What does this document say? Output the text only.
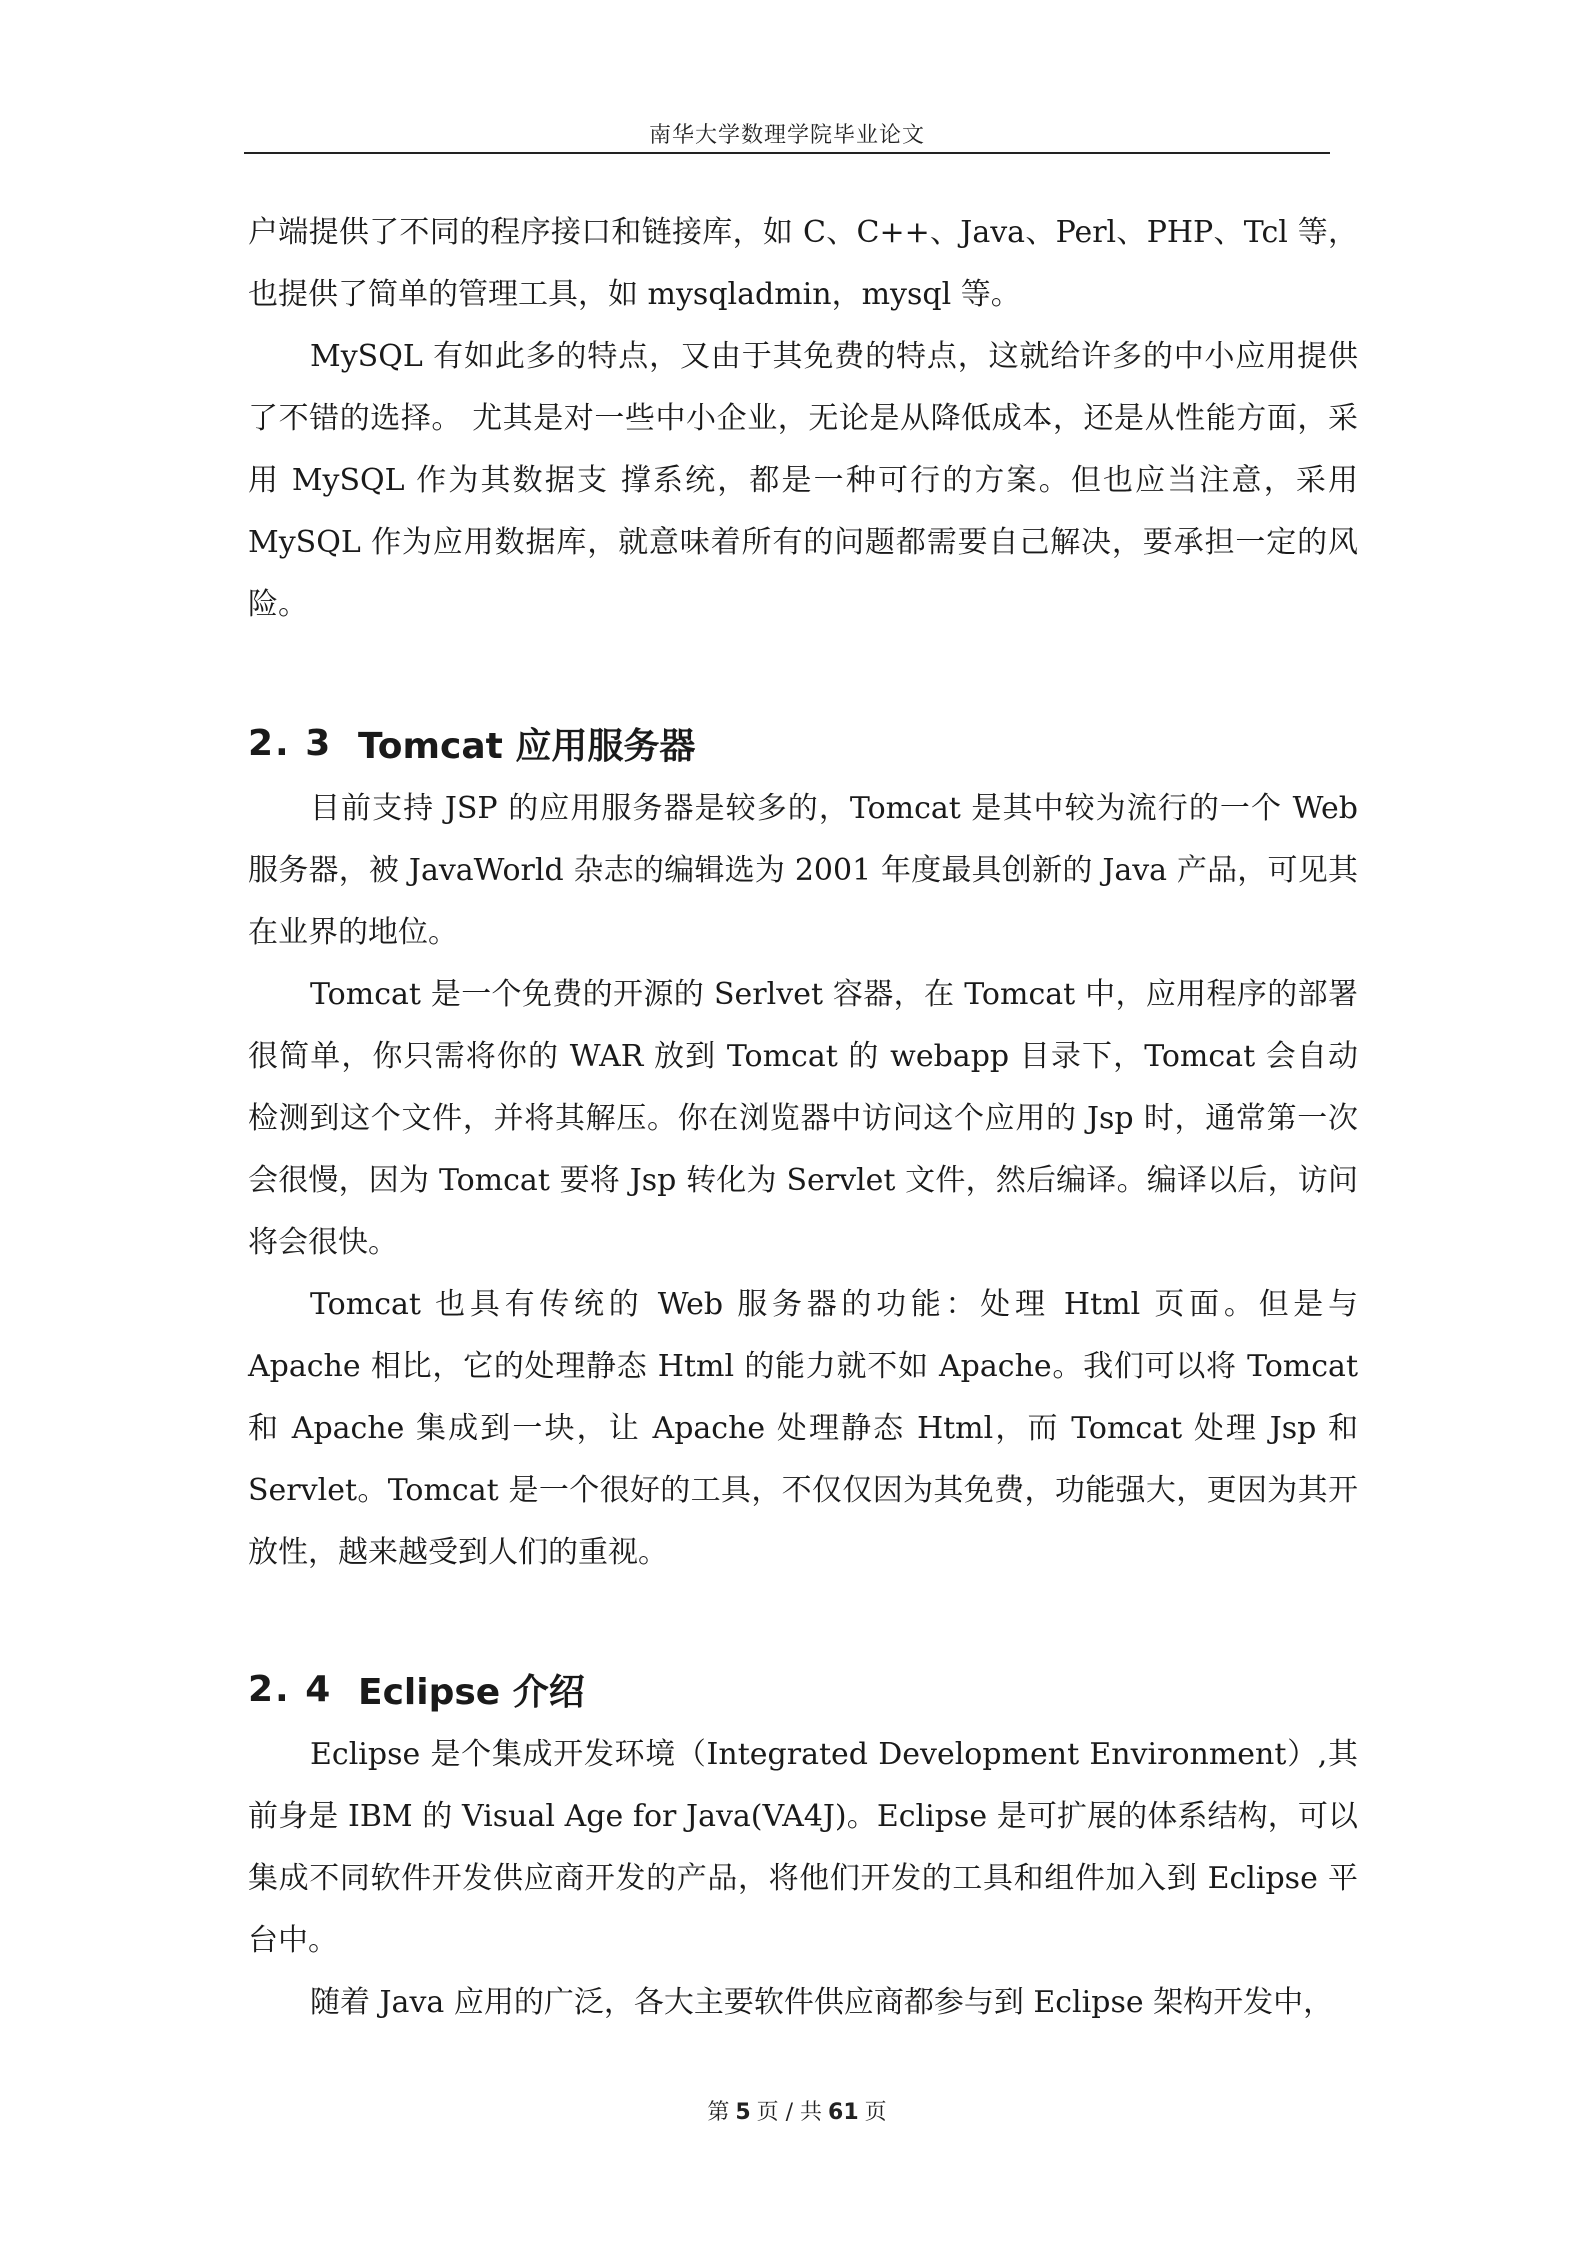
南华大学数理学院毕业论文

户端提供了不同的程序接口和链接库，如 C、C++、Java、Perl、PHP、Tcl 等，也提供了简单的管理工具，如 mysqladmin，mysql 等。

MySQL 有如此多的特点，又由于其免费的特点，这就给许多的中小应用提供了不错的选择。 尤其是对一些中小企业，无论是从降低成本，还是从性能方面，采用 MySQL 作为其数据支 撑系统，都是一种可行的方案。但也应当注意，采用 MySQL 作为应用数据库，就意味着所有的问题都需要自己解决，要承担一定的风险。

2. 3 Tomcat 应用服务器

目前支持 JSP 的应用服务器是较多的，Tomcat 是其中较为流行的一个 Web 服务器，被 JavaWorld 杂志的编辑选为 2001 年度最具创新的 Java 产品，可见其在业界的地位。

Tomcat 是一个免费的开源的 Serlvet 容器，在 Tomcat 中，应用程序的部署很简单，你只需将你的 WAR 放到 Tomcat 的 webapp 目录下，Tomcat 会自动检测到这个文件，并将其解压。你在浏览器中访问这个应用的 Jsp 时，通常第一次会很慢，因为 Tomcat 要将 Jsp 转化为 Servlet 文件，然后编译。编译以后，访问将会很快。

Tomcat 也具有传统的 Web 服务器的功能：处理 Html 页面。但是与 Apache 相比，它的处理静态 Html 的能力就不如 Apache。我们可以将 Tomcat 和 Apache 集成到一块，让 Apache 处理静态 Html，而 Tomcat 处理 Jsp 和 Servlet。Tomcat 是一个很好的工具，不仅仅因为其免费，功能强大，更因为其开放性，越来越受到人们的重视。

2. 4 Eclipse 介绍

Eclipse 是个集成开发环境（Integrated Development Environment）,其前身是 IBM 的 Visual Age for Java(VA4J)。Eclipse 是可扩展的体系结构，可以集成不同软件开发供应商开发的产品，将他们开发的工具和组件加入到 Eclipse 平台中。

随着 Java 应用的广泛，各大主要软件供应商都参与到 Eclipse 架构开发中，

第 5 页 / 共 61 页
